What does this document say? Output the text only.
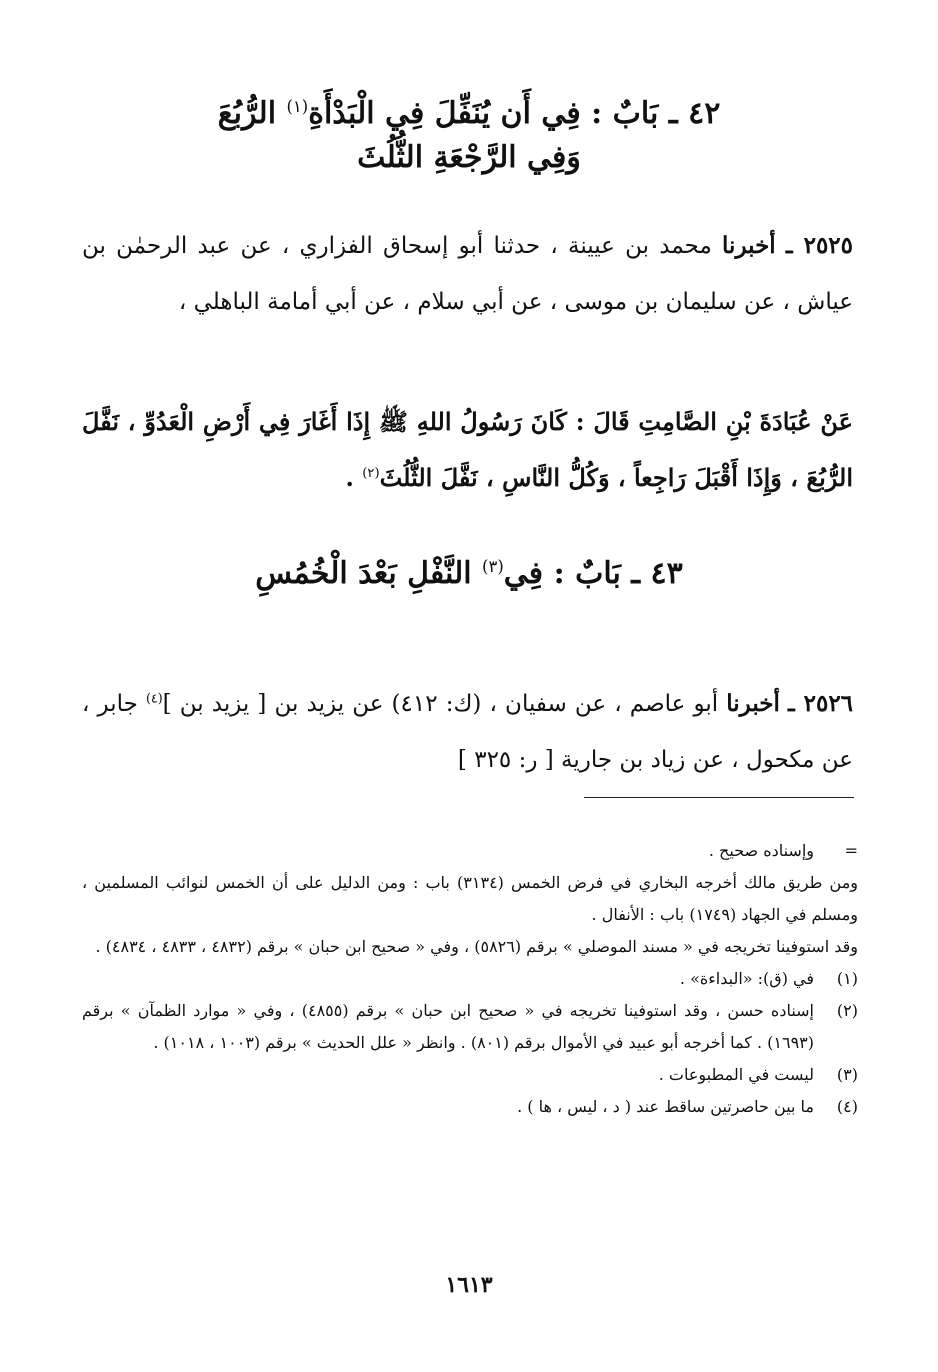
٤٢ ـ بَابٌ : فِي أَن يُنَفِّلَ فِي الْبَدْأَةِ$^{(١)}$ الرُّبُعَ
وَفِي الرَّجْعَةِ الثُّلُثَ
٢٥٢٥ ـ أخبرنا محمد بن عيينة ، حدثنا أبو إسحاق الفزاري ، عن عبد الرحمٰن بن عياش ، عن سليمان بن موسى ، عن أبي سلام ، عن أبي أمامة الباهلي ،
عَنْ عُبَادَةَ بْنِ الصَّامِتِ قَالَ : كَانَ رَسُولُ اللهِ ﷺ إِذَا أَغَارَ فِي أَرْضِ الْعَدُوِّ ، نَفَّلَ الرُّبُعَ ، وَإِذَا أَقْبَلَ رَاجِعاً ، وَكُلُّ النَّاسِ ، نَفَّلَ الثُّلُثَ$^{(٢)}$ .
٤٣ ـ بَابٌ : فِي$^{(٣)}$ النَّفْلِ بَعْدَ الْخُمُسِ
٢٥٢٦ ـ أخبرنا أبو عاصم ، عن سفيان ، (ك: ٤١٢) عن يزيد بن [ يزيد بن ]$^{(٤)}$ جابر ، عن مكحول ، عن زياد بن جارية [ ر: ٣٢٥ ]
=
وإسناده صحيح .
ومن طريق مالك أخرجه البخاري في فرض الخمس (٣١٣٤) باب : ومن الدليل على أن الخمس لنوائب المسلمين ، ومسلم في الجهاد (١٧٤٩) باب : الأنفال .
وقد استوفينا تخريجه في « مسند الموصلي » برقم (٥٨٢٦) ، وفي « صحيح ابن حبان » برقم (٤٨٣٢ ، ٤٨٣٣ ، ٤٨٣٤) .
(١)
في (ق): «البداءة» .
(٢)
إسناده حسن ، وقد استوفينا تخريجه في « صحيح ابن حبان » برقم (٤٨٥٥) ، وفي « موارد الظمآن » برقم (١٦٩٣) . كما أخرجه أبو عبيد في الأموال برقم (٨٠١) . وانظر « علل الحديث » برقم (١٠٠٣ ، ١٠١٨) .
(٣)
ليست في المطبوعات .
(٤)
ما بين حاصرتين ساقط عند ( د ، ليس ، ها ) .
١٦١٣
